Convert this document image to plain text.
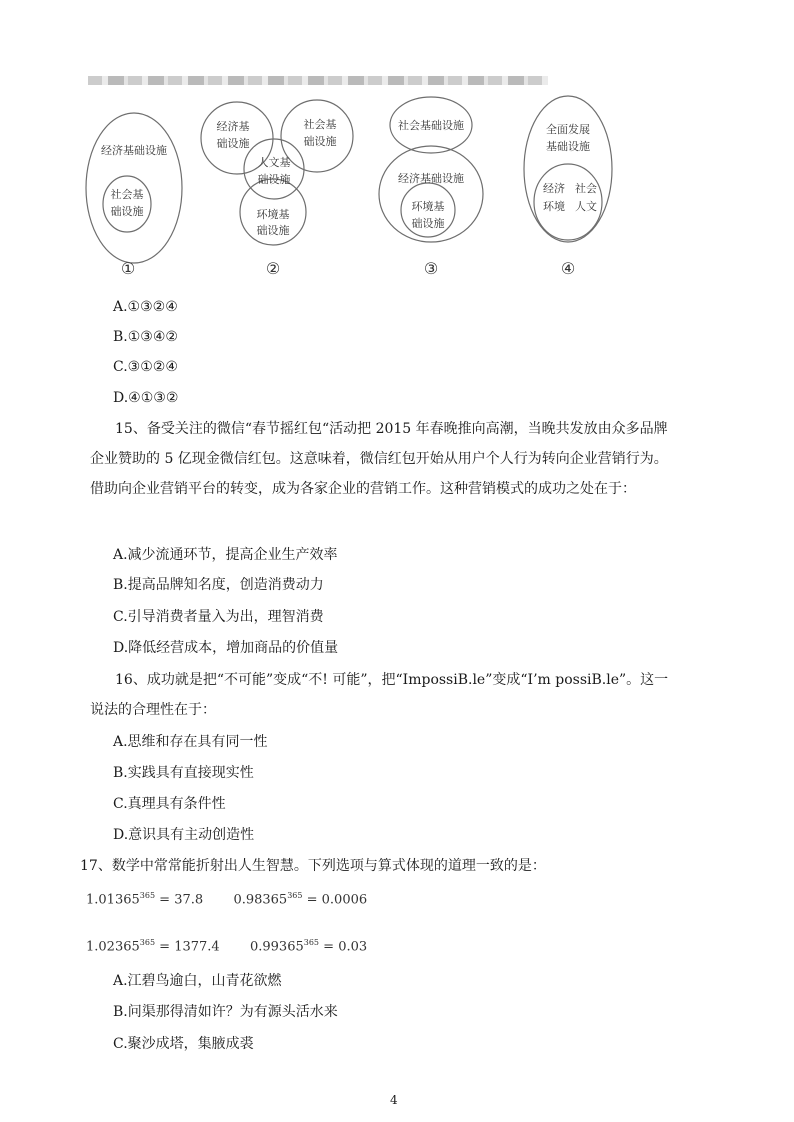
经济基础设施
社会基
础设施
经济基
础设施
社会基
础设施
人文基
础设施
环境基
础设施
社会基础设施
经济基础设施
环境基
础设施
全面发展
基础设施
经济 社会
环境 人文
①	②	③	④
A.①③②④
B.①③④②
C.③①②④
D.④①③②
15、备受关注的微信“春节摇红包“活动把 2015 年春晚推向高潮，当晚共发放由众多品牌企业赞助的 5 亿现金微信红包。这意味着，微信红包开始从用户个人行为转向企业营销行为。借助向企业营销平台的转变，成为各家企业的营销工作。这种营销模式的成功之处在于：
A.减少流通环节，提高企业生产效率
B.提高品牌知名度，创造消费动力
C.引导消费者量入为出，理智消费
D.降低经营成本，增加商品的价值量
16、成功就是把“不可能”变成“不! 可能”，把“ImpossiB.le”变成“I’m possiB.le”。这一说法的合理性在于：
A.思维和存在具有同一性
B.实践具有直接现实性
C.真理具有条件性
D.意识具有主动创造性
17、数学中常常能折射出人生智慧。下列选项与算式体现的道理一致的是：
$1.01365^{365} = 37.8$ $0.98365^{365} = 0.0006$
$1.02365^{365} = 1377.4$ $0.99365^{365} = 0.03$
A.江碧鸟逾白，山青花欲燃
B.问渠那得清如许？为有源头活水来
C.聚沙成塔，集腋成裘
4
